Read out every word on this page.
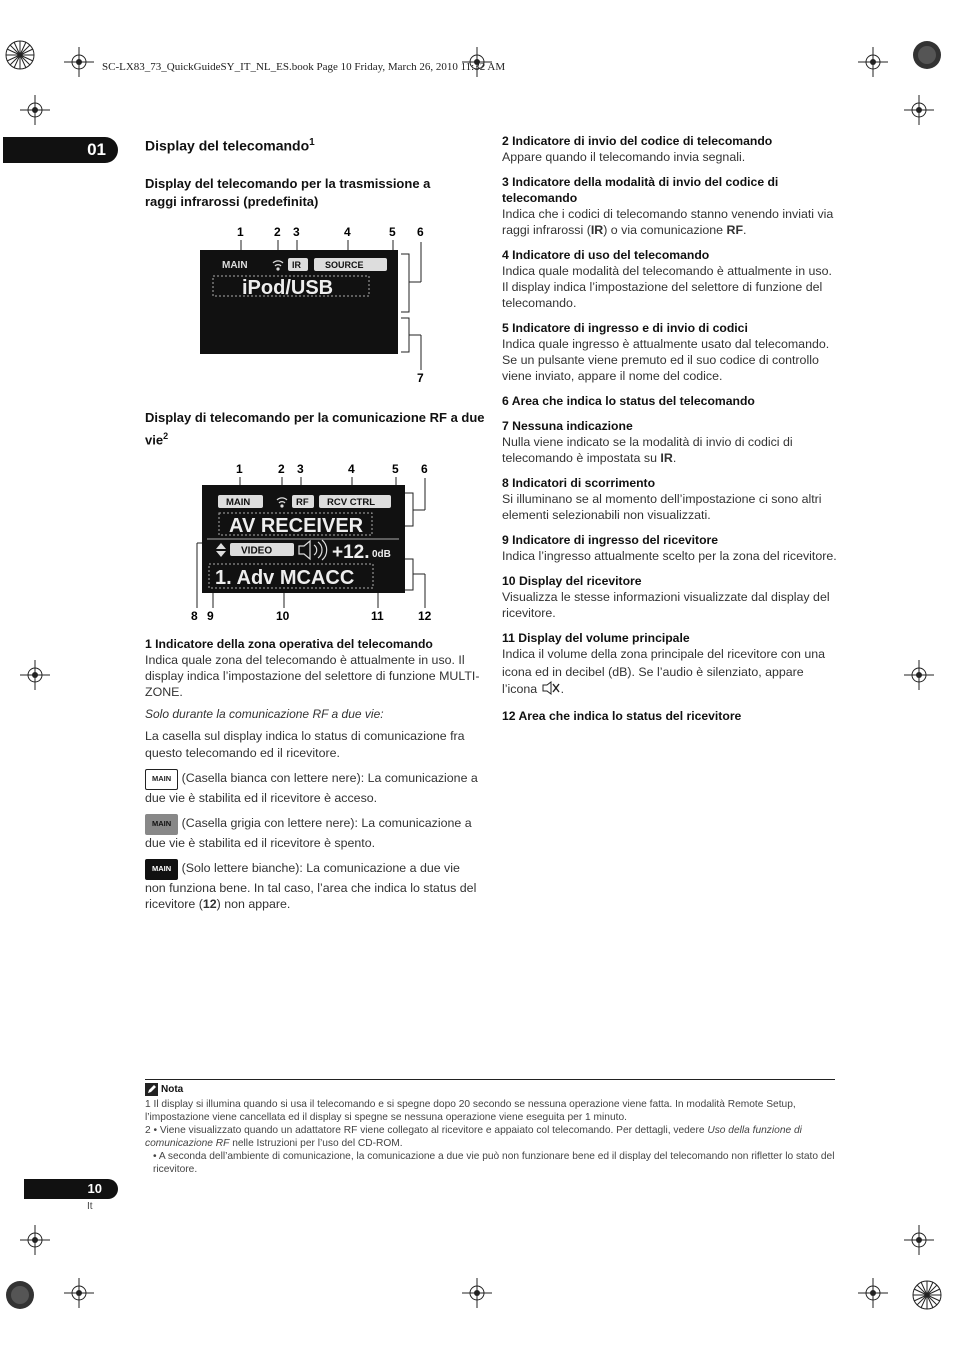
SC-LX83_73_QuickGuideSY_IT_NL_ES.book Page 10 Friday, March 26, 2010 11:32 AM
01	Display del telecomando$^1$
Display del telecomando per la trasmissione a raggi infrarossi (predefinita)
1	2 3	4	5 6
7
MAIN	IR	SOURCE
iPod/USB
Display di telecomando per la comunicazione RF a due vie$^2$
1	2 3	4	5 6
8 9	10	11	12
MAIN	RF RCV CTRL
AV RECEIVER
VIDEO	+12. 0dB
1. Adv MCACC
1 Indicatore della zona operativa del telecomando
Indica quale zona del telecomando è attualmente in uso. Il display indica l’impostazione del selettore di funzione MULTI-ZONE.
Solo durante la comunicazione RF a due vie:
La casella sul display indica lo status di comunicazione fra questo telecomando ed il ricevitore.
MAIN (Casella bianca con lettere nere): La comunicazione a due vie è stabilita ed il ricevitore è acceso.
MAIN (Casella grigia con lettere nere): La comunicazione a due vie è stabilita ed il ricevitore è spento.
MAIN (Solo lettere bianche): La comunicazione a due vie non funziona bene. In tal caso, l’area che indica lo status del ricevitore (12) non appare.
2 Indicatore di invio del codice di telecomando
Appare quando il telecomando invia segnali.
3 Indicatore della modalità di invio del codice di telecomando
Indica che i codici di telecomando stanno venendo inviati via raggi infrarossi (IR) o via comunicazione RF.
4 Indicatore di uso del telecomando
Indica quale modalità del telecomando è attualmente in uso. Il display indica l’impostazione del selettore di funzione del telecomando.
5 Indicatore di ingresso e di invio di codici
Indica quale ingresso è attualmente usato dal telecomando. Se un pulsante viene premuto ed il suo codice di controllo viene inviato, appare il nome del codice.
6 Area che indica lo status del telecomando
7 Nessuna indicazione
Nulla viene indicato se la modalità di invio di codici di telecomando è impostata su IR.
8 Indicatori di scorrimento
Si illuminano se al momento dell’impostazione ci sono altri elementi selezionabili non visualizzati.
9 Indicatore di ingresso del ricevitore
Indica l’ingresso attualmente scelto per la zona del ricevitore.
10 Display del ricevitore
Visualizza le stesse informazioni visualizzate dal display del ricevitore.
11 Display del volume principale
Indica il volume della zona principale del ricevitore con una icona ed in decibel (dB). Se l’audio è silenziato, appare l’icona .
12 Area che indica lo status del ricevitore
Nota
1 Il display si illumina quando si usa il telecomando e si spegne dopo 20 secondo se nessuna operazione viene fatta. In modalità Remote Setup, l’impostazione viene cancellata ed il display si spegne se nessuna operazione viene eseguita per 1 minuto.
2 • Viene visualizzato quando un adattatore RF viene collegato al ricevitore e appaiato col telecomando. Per dettagli, vedere Uso della funzione di comunicazione RF nelle Istruzioni per l’uso del CD-ROM.
• A seconda dell’ambiente di comunicazione, la comunicazione a due vie può non funzionare bene ed il display del telecomando non rifletter lo stato del ricevitore.
10
It
